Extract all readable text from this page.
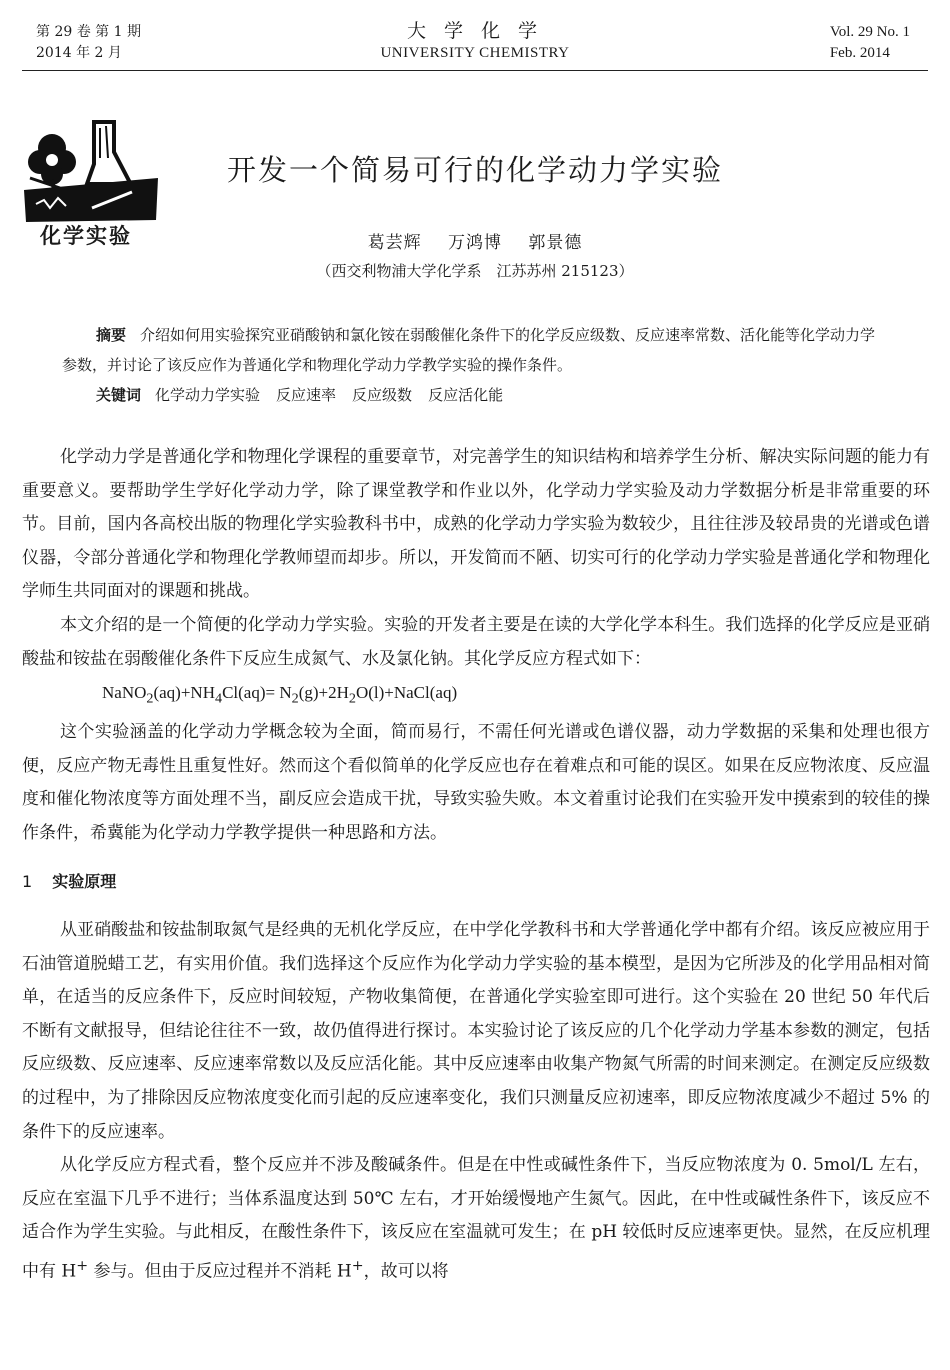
第 29 卷 第 1 期
2014 年 2 月
大 学 化 学
UNIVERSITY CHEMISTRY
Vol. 29 No. 1
Feb. 2014
化学实验
开发一个简易可行的化学动力学实验
葛芸辉 万鸿博 郭景德
（西交利物浦大学化学系　江苏苏州 215123）
摘要 介绍如何用实验探究亚硝酸钠和氯化铵在弱酸催化条件下的化学反应级数、反应速率常数、活化能等化学动力学参数，并讨论了该反应作为普通化学和物理化学动力学教学实验的操作条件。
关键词 化学动力学实验 反应速率 反应级数 反应活化能

化学动力学是普通化学和物理化学课程的重要章节，对完善学生的知识结构和培养学生分析、解决实际问题的能力有重要意义。要帮助学生学好化学动力学，除了课堂教学和作业以外，化学动力学实验及动力学数据分析是非常重要的环节。目前，国内各高校出版的物理化学实验教科书中，成熟的化学动力学实验为数较少，且往往涉及较昂贵的光谱或色谱仪器，令部分普通化学和物理化学教师望而却步。所以，开发简而不陋、切实可行的化学动力学实验是普通化学和物理化学师生共同面对的课题和挑战。

本文介绍的是一个简便的化学动力学实验。实验的开发者主要是在读的大学化学本科生。我们选择的化学反应是亚硝酸盐和铵盐在弱酸催化条件下反应生成氮气、水及氯化钠。其化学反应方程式如下：

$NaNO_2(aq)+NH_4Cl(aq)=$ $N_2(g)+2H_2O(l)+NaCl(aq)$

这个实验涵盖的化学动力学概念较为全面，简而易行，不需任何光谱或色谱仪器，动力学数据的采集和处理也很方便，反应产物无毒性且重复性好。然而这个看似简单的化学反应也存在着难点和可能的误区。如果在反应物浓度、反应温度和催化物浓度等方面处理不当，副反应会造成干扰，导致实验失败。本文着重讨论我们在实验开发中摸索到的较佳的操作条件，希冀能为化学动力学教学提供一种思路和方法。

1 实验原理

从亚硝酸盐和铵盐制取氮气是经典的无机化学反应，在中学化学教科书和大学普通化学中都有介绍。该反应被应用于石油管道脱蜡工艺，有实用价值。我们选择这个反应作为化学动力学实验的基本模型，是因为它所涉及的化学用品相对简单，在适当的反应条件下，反应时间较短，产物收集简便，在普通化学实验室即可进行。这个实验在 20 世纪 50 年代后不断有文献报导，但结论往往不一致，故仍值得进行探讨。本实验讨论了该反应的几个化学动力学基本参数的测定，包括反应级数、反应速率、反应速率常数以及反应活化能。其中反应速率由收集产物氮气所需的时间来测定。在测定反应级数的过程中，为了排除因反应物浓度变化而引起的反应速率变化，我们只测量反应初速率，即反应物浓度减少不超过 5% 的条件下的反应速率。

从化学反应方程式看，整个反应并不涉及酸碱条件。但是在中性或碱性条件下，当反应物浓度为 0. 5mol/L 左右，反应在室温下几乎不进行；当体系温度达到 50℃ 左右，才开始缓慢地产生氮气。因此，在中性或碱性条件下，该反应不适合作为学生实验。与此相反，在酸性条件下，该反应在室温就可发生；在 pH 较低时反应速率更快。显然，在反应机理中有 H+ 参与。但由于反应过程并不消耗 H+，故可以将
